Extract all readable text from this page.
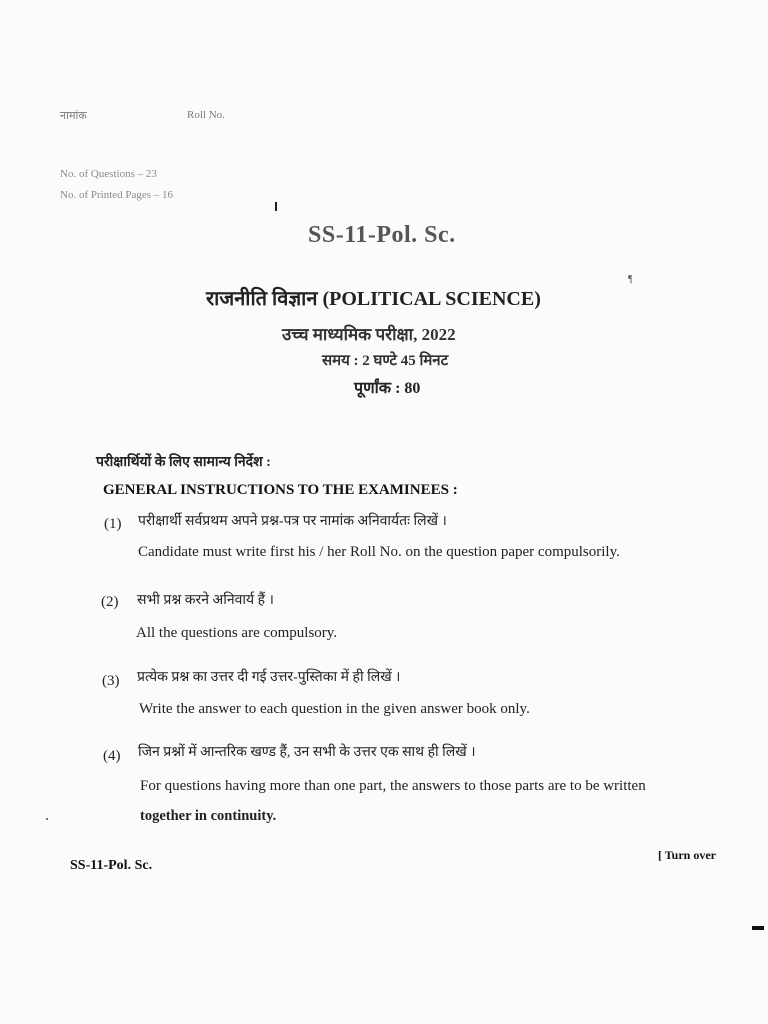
नामांक	Roll No.
No. of Questions – 23
No. of Printed Pages – 16
SS-11-Pol. Sc.
¶
राजनीति विज्ञान (POLITICAL SCIENCE)
उच्च माध्यमिक परीक्षा, 2022
समय : 2 घण्टे 45 मिनट
पूर्णांक : 80
परीक्षार्थियों के लिए सामान्य निर्देश :
GENERAL INSTRUCTIONS TO THE EXAMINEES :
(1) परीक्षार्थी सर्वप्रथम अपने प्रश्न-पत्र पर नामांक अनिवार्यतः लिखें ।
Candidate must write first his / her Roll No. on the question paper compulsorily.
(2) सभी प्रश्न करने अनिवार्य हैं ।
All the questions are compulsory.
(3) प्रत्येक प्रश्न का उत्तर दी गई उत्तर-पुस्तिका में ही लिखें ।
Write the answer to each question in the given answer book only.
(4) जिन प्रश्नों में आन्तरिक खण्ड हैं, उन सभी के उत्तर एक साथ ही लिखें ।
For questions having more than one part, the answers to those parts are to be written
together in continuity.
SS-11-Pol. Sc.
[ Turn over
